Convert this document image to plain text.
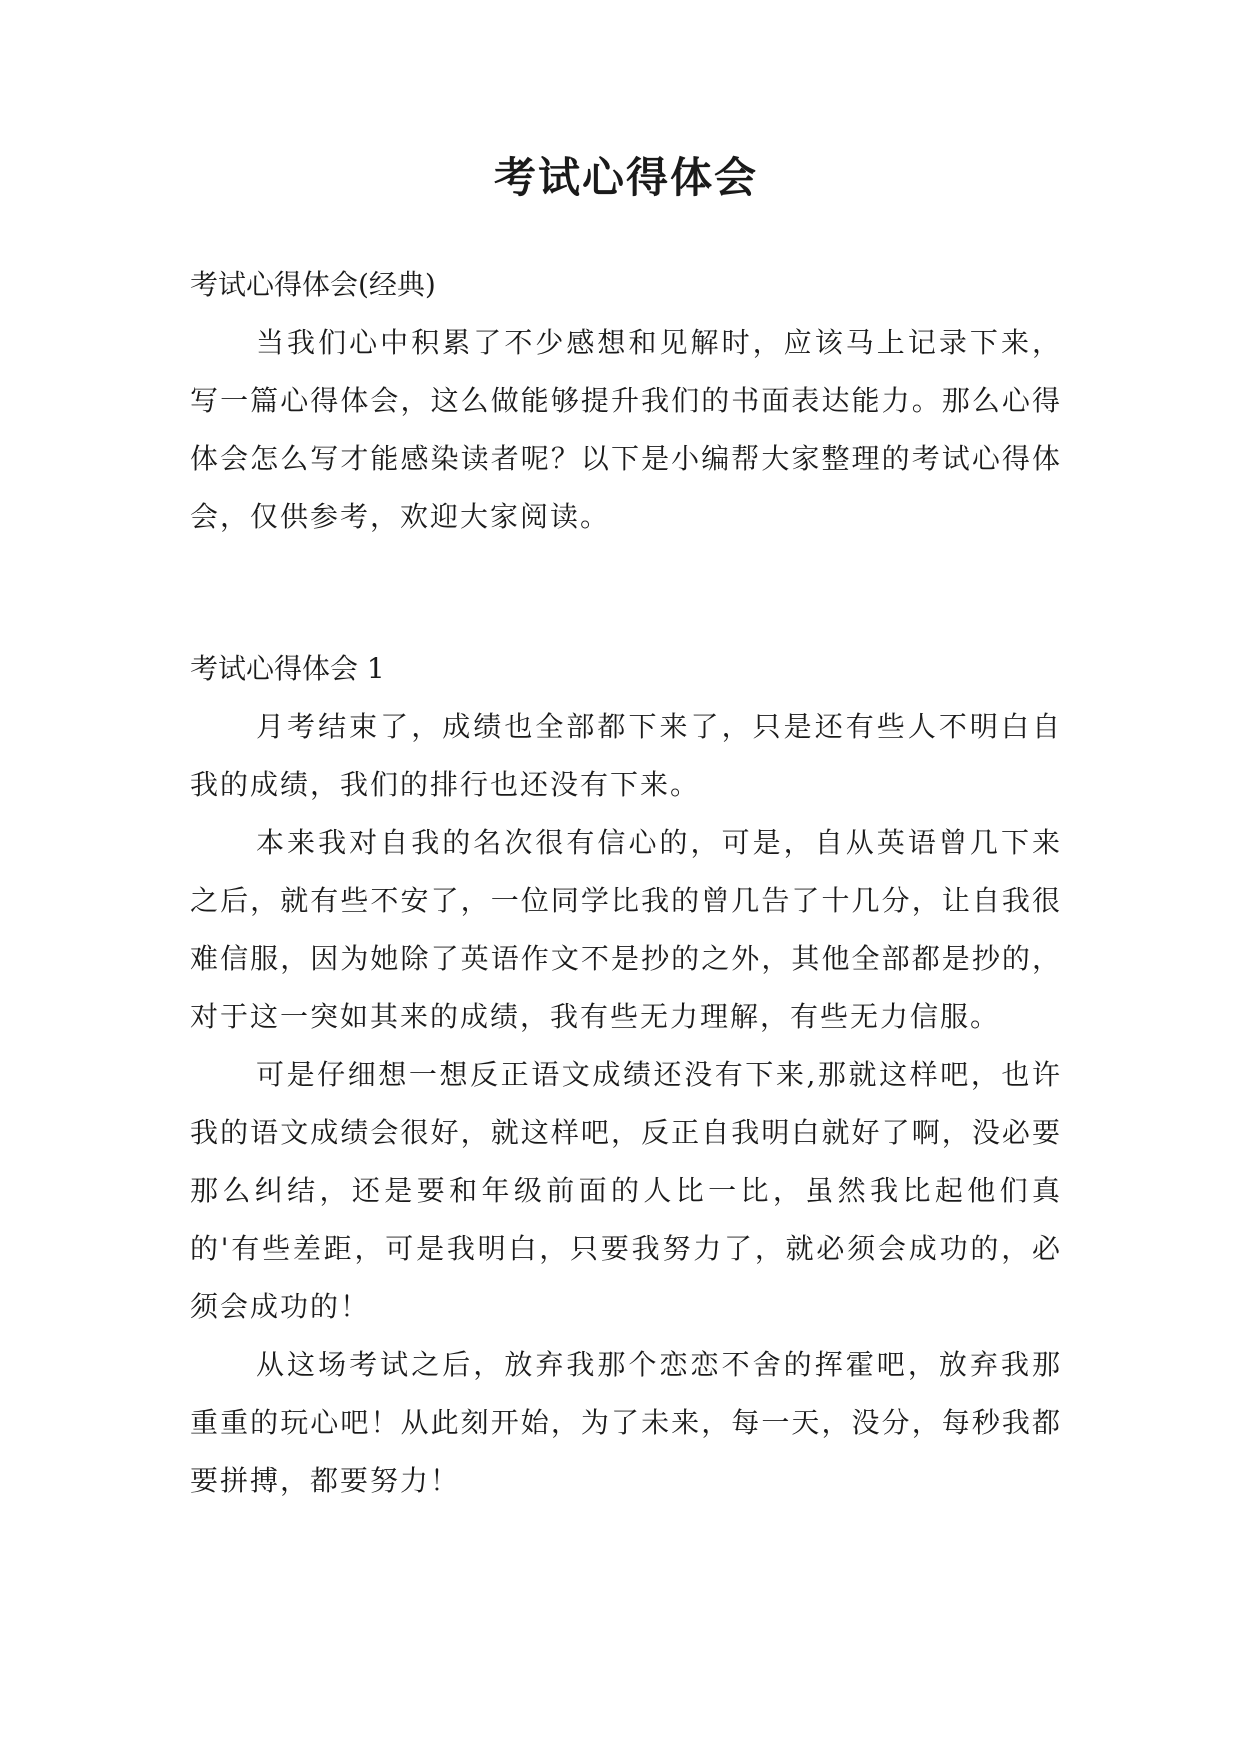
考试心得体会

考试心得体会(经典)

当我们心中积累了不少感想和见解时，应该马上记录下来，写一篇心得体会，这么做能够提升我们的书面表达能力。那么心得体会怎么写才能感染读者呢？以下是小编帮大家整理的考试心得体会，仅供参考，欢迎大家阅读。

考试心得体会 1

月考结束了，成绩也全部都下来了，只是还有些人不明白自我的成绩，我们的排行也还没有下来。

本来我对自我的名次很有信心的，可是，自从英语曾几下来之后，就有些不安了，一位同学比我的曾几告了十几分，让自我很难信服，因为她除了英语作文不是抄的之外，其他全部都是抄的，对于这一突如其来的成绩，我有些无力理解，有些无力信服。

可是仔细想一想反正语文成绩还没有下来,那就这样吧，也许我的语文成绩会很好，就这样吧，反正自我明白就好了啊，没必要那么纠结，还是要和年级前面的人比一比，虽然我比起他们真的'有些差距，可是我明白，只要我努力了，就必须会成功的，必须会成功的！

从这场考试之后，放弃我那个恋恋不舍的挥霍吧，放弃我那重重的玩心吧！从此刻开始，为了未来，每一天，没分，每秒我都要拼搏，都要努力！
